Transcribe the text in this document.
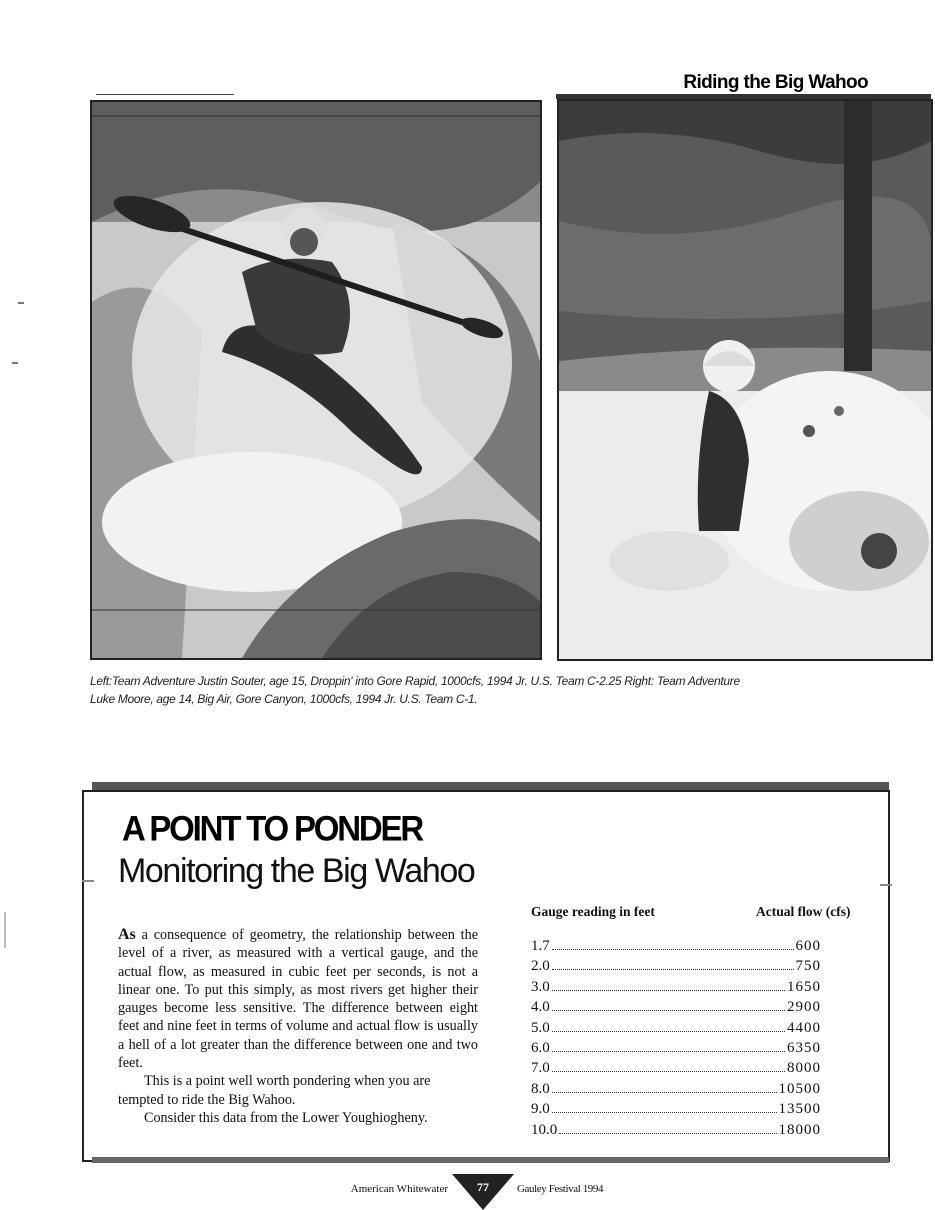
Riding the Big Wahoo
Left:Team Adventure Justin Souter, age 15, Droppin' into Gore Rapid, 1000cfs, 1994 Jr. U.S. Team C-2.25 Right: Team Adventure
Luke Moore, age 14, Big Air, Gore Canyon, 1000cfs, 1994 Jr. U.S. Team C-1.
A POINT TO PONDER
Monitoring the Big Wahoo

As a consequence of geometry, the relationship between the level of a river, as measured with a vertical gauge, and the actual flow, as measured in cubic feet per seconds, is not a linear one. To put this simply, as most rivers get higher their gauges become less sensitive. The difference between eight feet and nine feet in terms of volume and actual flow is usually a hell of a lot greater than the difference between one and two feet.

This is a point well worth pondering when you are tempted to ride the Big Wahoo.

Consider this data from the Lower Youghiogheny.

Gauge reading in feet	Actual flow (cfs)
1.7	600
2.0	750
3.0	1650
4.0	2900
5.0	4400
6.0	6350
7.0	8000
8.0	10500
9.0	13500
10.0	18000
American Whitewater	77	Gauley Festival 1994
